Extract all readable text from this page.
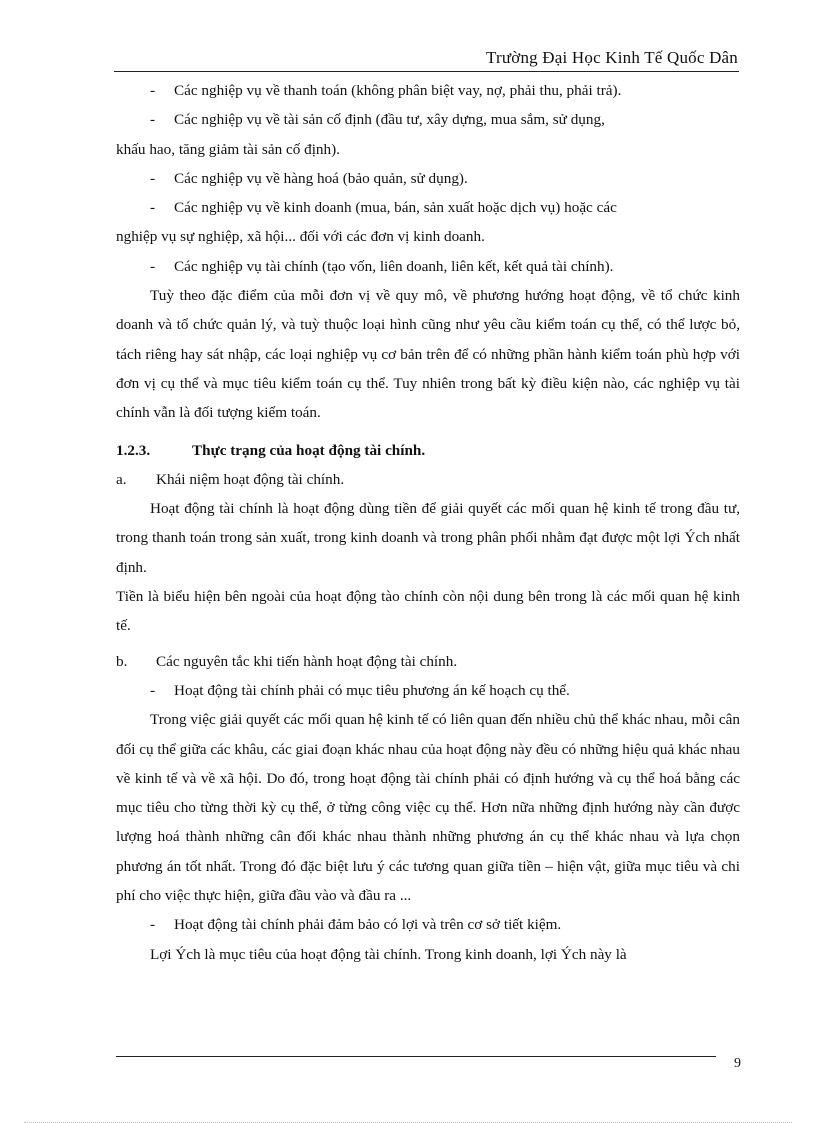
Trường Đại Học Kinh Tế Quốc Dân
-	Các nghiệp vụ về thanh toán (không phân biệt vay, nợ, phải thu, phải trả).
-	Các nghiệp vụ về tài sản cố định (đầu tư, xây dựng, mua sắm, sử dụng,

khấu hao, tăng giảm tài sản cố định).

-	Các nghiệp vụ về hàng hoá (bảo quản, sử dụng).
-	Các nghiệp vụ về kinh doanh (mua, bán, sản xuất hoặc dịch vụ) hoặc các

nghiệp vụ sự nghiệp, xã hội... đối với các đơn vị kinh doanh.

-	Các nghiệp vụ tài chính (tạo vốn, liên doanh, liên kết, kết quả tài chính).

Tuỳ theo đặc điểm của mỗi đơn vị về quy mô, về phương hướng hoạt động, về tổ chức kinh doanh và tổ chức quản lý, và tuỳ thuộc loại hình cũng như yêu cầu kiểm toán cụ thể, có thể lược bỏ, tách riêng hay sát nhập, các loại nghiệp vụ cơ bản trên để có những phần hành kiểm toán phù hợp với đơn vị cụ thể và mục tiêu kiểm toán cụ thể. Tuy nhiên trong bất kỳ điều kiện nào, các nghiệp vụ tài chính vẫn là đối tượng kiểm toán.

1.2.3.	Thực trạng của hoạt động tài chính.
a.	Khái niệm hoạt động tài chính.

Hoạt động tài chính là hoạt động dùng tiền để giải quyết các mối quan hệ kinh tế trong đầu tư, trong thanh toán trong sản xuất, trong kinh doanh và trong phân phối nhằm đạt được một lợi Ých nhất định.

Tiền là biểu hiện bên ngoài của hoạt động tào chính còn nội dung bên trong là các mối quan hệ kinh tế.

b.	Các nguyên tắc khi tiến hành hoạt động tài chính.
-	Hoạt động tài chính phải có mục tiêu phương án kế hoạch cụ thể.

Trong việc giải quyết các mối quan hệ kinh tế có liên quan đến nhiều chủ thể khác nhau, mỗi cân đối cụ thể giữa các khâu, các giai đoạn khác nhau của hoạt động này đều có những hiệu quả khác nhau về kinh tế và về xã hội. Do đó, trong hoạt động tài chính phải có định hướng và cụ thể hoá bằng các mục tiêu cho từng thời kỳ cụ thể, ở từng công việc cụ thể. Hơn nữa những định hướng này cần được lượng hoá thành những cân đối khác nhau thành những phương án cụ thể khác nhau và lựa chọn phương án tốt nhất. Trong đó đặc biệt lưu ý các tương quan giữa tiền – hiện vật, giữa mục tiêu và chi phí cho việc thực hiện, giữa đầu vào và đầu ra ...

-	Hoạt động tài chính phải đảm bảo có lợi và trên cơ sở tiết kiệm.

Lợi Ých là mục tiêu của hoạt động tài chính. Trong kinh doanh, lợi Ých này là

9
